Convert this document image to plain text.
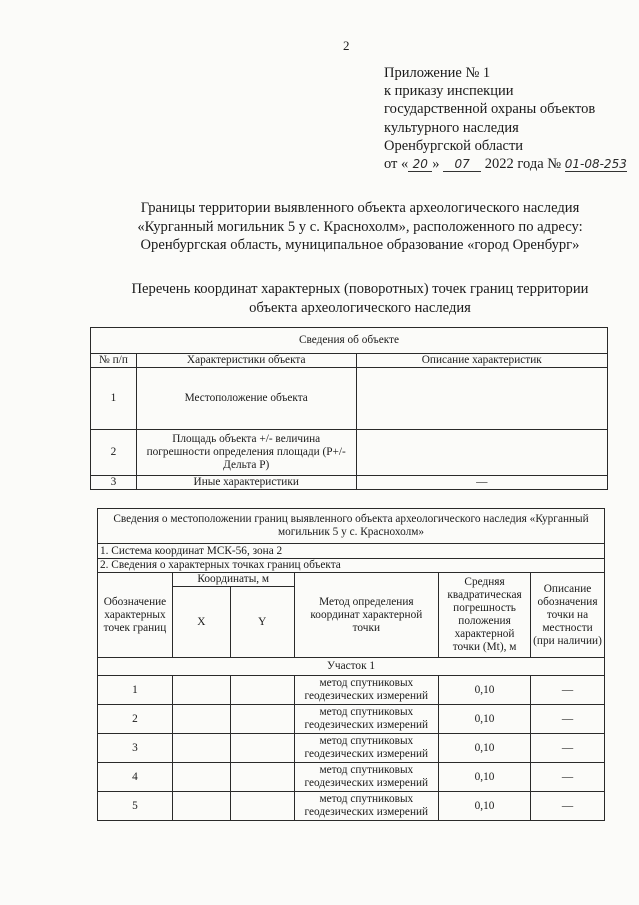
2
Приложение № 1
к приказу инспекции
государственной охраны объектов
культурного наследия
Оренбургской области
от « 20 » 07 2022 года № 01-08-253
Границы территории выявленного объекта археологического наследия
«Курганный могильник 5 у с. Краснохолм», расположенного по адресу:
Оренбургская область, муниципальное образование «город Оренбург»
Перечень координат характерных (поворотных) точек границ территории
объекта археологического наследия
Сведения об объекте		
№ п/п	Характеристики объекта	Описание характеристик
1	Местоположение объекта	
2	Площадь объекта +/- величина погрешности определения площади (Р+/- Дельта Р)	
3	Иные характеристики	—
Сведения о местоположении границ выявленного объекта археологического наследия «Курганный могильник 5 у с. Краснохолм»					
1. Система координат МСК-56, зона 2					
2. Сведения о характерных точках границ объекта					
Обозначение характерных точек границ	Координаты, м		Метод определения координат характерной точки	Средняя квадратическая погрешность положения характерной точки (Mt), м	Описание обозначения точки на местности (при наличии)
	X	Y			
Участок 1					
1			метод спутниковых геодезических измерений	0,10	—
2			метод спутниковых геодезических измерений	0,10	—
3			метод спутниковых геодезических измерений	0,10	—
4			метод спутниковых геодезических измерений	0,10	—
5			метод спутниковых геодезических измерений	0,10	—
